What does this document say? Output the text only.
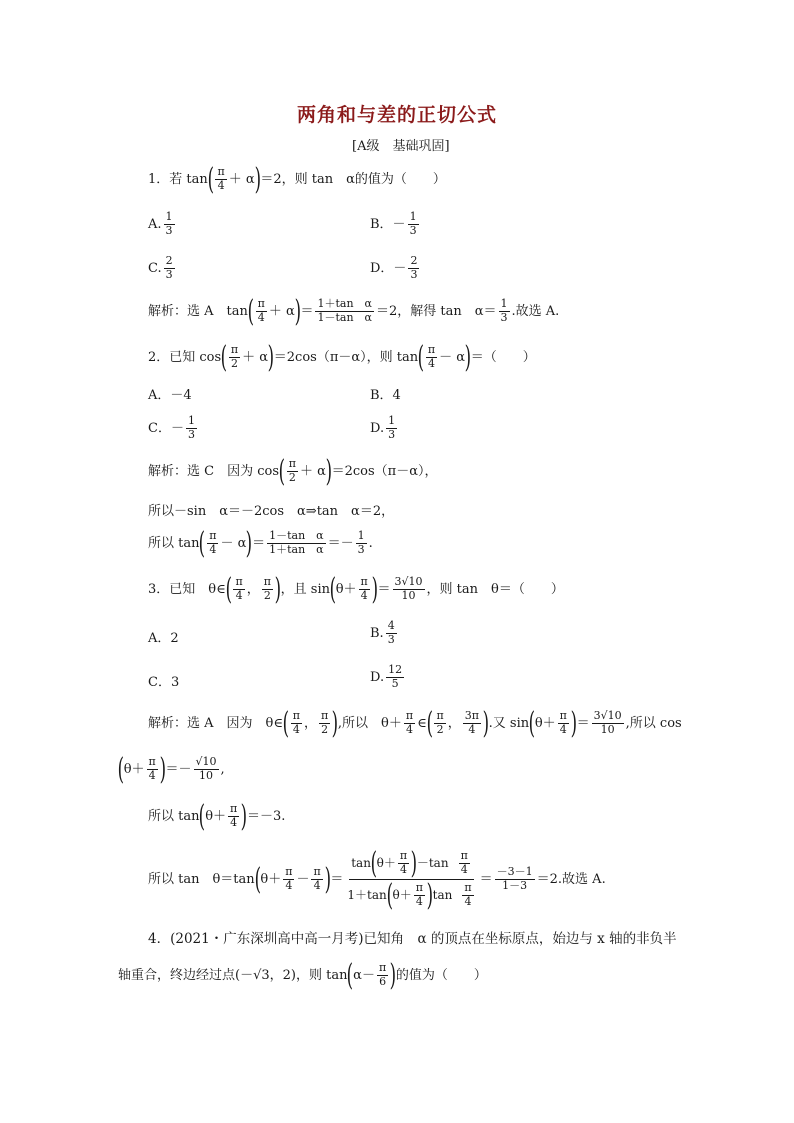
两角和与差的正切公式
[A级　基础巩固]
1．若 tan ( $\frac{\pi}{4} + \alpha$ ) ＝2，则 tan　α的值为（　　）
A. $\frac{1}{3}$	B．－ $\frac{1}{3}$
C. $\frac{2}{3}$	D．－ $\frac{2}{3}$
解析：选 A　tan ( $\frac{\pi}{4} + \alpha$ ) ＝ $\frac{\text{1＋tan　α}}{\text{1－tan　α}} =2$，解得 tan　$\alpha= \frac{1}{3}$ .故选 A.
2．已知 cos ( $\frac{\pi}{2} + \alpha$ ) ＝2cos（π－α），则 tan ( $\frac{\pi}{4} - \alpha$ ) ＝（　　）
A．－4	B．4
C．－ $\frac{1}{3}$	D. $\frac{1}{3}$
解析：选 C　因为 cos ( $\frac{\pi}{2} + \alpha$ ) ＝2cos（π－α），
所以－sin　α＝－2cos　α⇒tan　α＝2，
所以 tan ( $\frac{\pi}{4} - \alpha$ ) ＝ $\frac{\text{1－tan　α}}{\text{1＋tan　α}} =- \frac{1}{3}$ .
3．已知　θ∈ ( $\frac{\pi}{4}$ ， $\frac{\pi}{2}$ ) ，且 sin ( $\theta+ \frac{\pi}{4}$ ) ＝ $\frac{3√10}{10}$ ，则 tan　θ＝（　　）
A．2	B. $\frac{4}{3}$
C．3	D. $\frac{12}{5}$
解析：选 A　因为　θ∈ ( $\frac{\pi}{4}$ ， $\frac{\pi}{2}$ ) ,所以　$\theta+ \frac{\pi}{4}$ ∈ ( $\frac{\pi}{2}$ ， $\frac{3\pi}{4}$ ) .又 sin ( $\theta+ \frac{\pi}{4}$ ) ＝ $\frac{3√10}{10}$ ,所以 cos
( $\theta+ \frac{\pi}{4}$ ) ＝－ $\frac{√10}{10}$ ,
所以 tan ( $\theta+ \frac{\pi}{4}$ ) ＝－3.
所以 tan　θ＝tan ( $\theta+ \frac{\pi}{4} - \frac{\pi}{4}$ ) ＝ $\frac{\tan ( \theta+ \frac{\pi}{4} ) -\tan \frac{\pi}{4}}{1+\tan ( \theta+ \frac{\pi}{4} ) \tan \frac{\pi}{4}} = \frac{-3-1}{1-3} =2$.故选 A.
4．(2021・广东深圳高中高一月考)已知角　α 的顶点在坐标原点，始边与 x 轴的非负半
轴重合，终边经过点(－√3，2)，则 tan ( $\alpha- \frac{\pi}{6}$ ) 的值为（　　）
